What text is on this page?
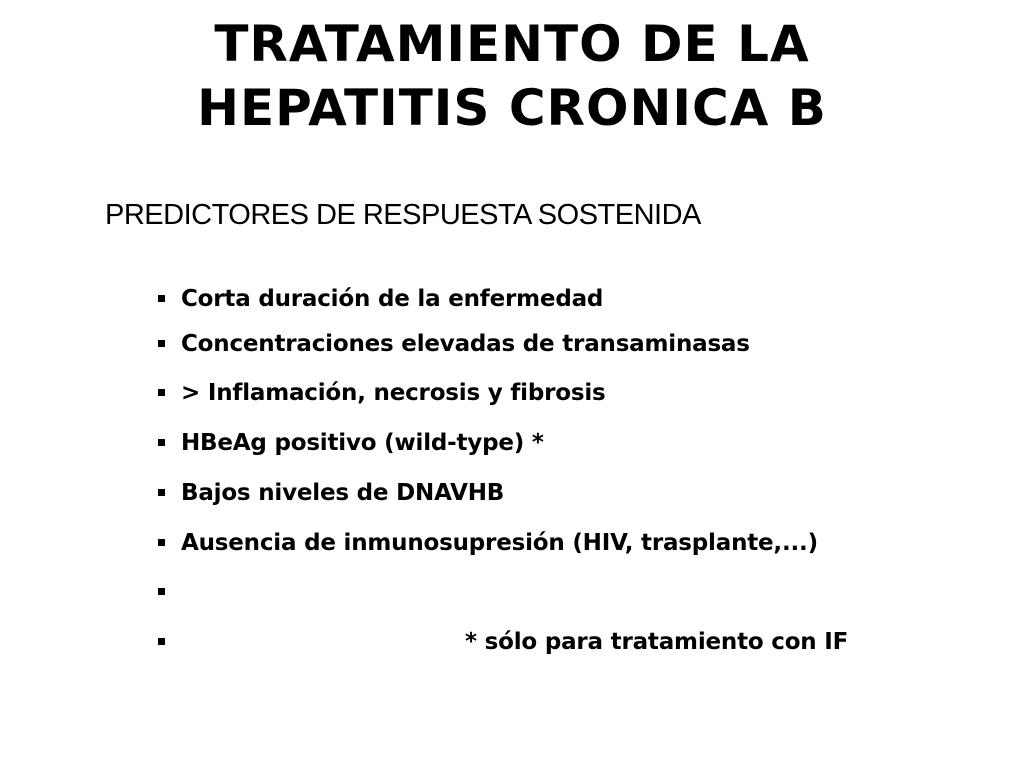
TRATAMIENTO DE LA
HEPATITIS CRONICA B

PREDICTORES DE RESPUESTA SOSTENIDA

Corta duración de la enfermedad
Concentraciones elevadas de transaminasas
> Inflamación, necrosis y fibrosis
HBeAg positivo (wild-type) *
Bajos niveles de DNAVHB
Ausencia de inmunosupresión (HIV, trasplante,...)
* sólo para tratamiento con IF
